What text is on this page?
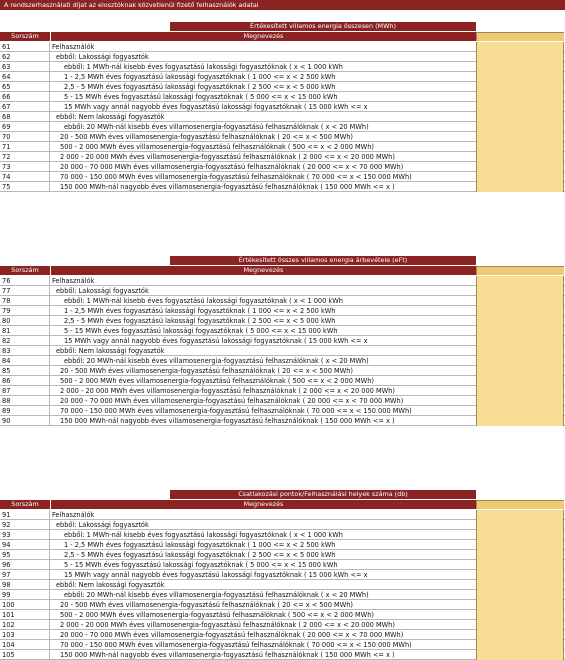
A rendszerhasználati díjat az elosztóknak közvetlenül fizető felhasználók adatai
Értékesített villamos energia összesen (MWh)
Sorszám	Megnevezés
61	Felhasználók
62	ebből: Lakossági fogyasztók
63	ebből: 1 MWh-nál kisebb éves fogyasztású lakossági fogyasztóknak ( x < 1 000 kWh
64	1 - 2,5 MWh éves fogyasztású lakossági fogyasztóknak ( 1 000 <= x < 2 500 kWh
65	2,5 - 5 MWh éves fogyasztású lakossági fogyasztóknak ( 2 500 <= x < 5 000 kWh
66	5 - 15 MWh éves fogyasztású lakossági fogyasztóknak ( 5 000 <= x < 15 000 kWh
67	15 MWh vagy annál nagyobb éves fogyasztású lakossági fogyasztóknak ( 15 000 kWh <= x
68	ebből: Nem lakossági fogyasztók
69	ebből: 20 MWh-nál kisebb éves villamosenergia-fogyasztású felhasználóknak ( x < 20 MWh)
70	20 - 500 MWh éves villamosenergia-fogyasztású felhasználóknak ( 20 <= x < 500 MWh)
71	500 - 2 000 MWh éves villamosenergia-fogyasztású felhasználóknak ( 500 <= x < 2 000 MWh)
72	2 000 - 20 000 MWh éves villamosenergia-fogyasztású felhasználóknak ( 2 000 <= x < 20 000 MWh)
73	20 000 - 70 000 MWh éves villamosenergia-fogyasztású felhasználóknak ( 20 000 <= x < 70 000 MWh)
74	70 000 - 150 000 MWh éves villamosenergia-fogyasztású felhasználóknak ( 70 000 <= x < 150 000 MWh)
75	150 000 MWh-nál nagyobb éves villamosenergia-fogyasztású felhasználóknak ( 150 000 MWh <= x )
Értékesített összes villamos energia árbevétele (eFt)
Sorszám	Megnevezés
76	Felhasználók
77	ebből: Lakossági fogyasztók
78	ebből: 1 MWh-nál kisebb éves fogyasztású lakossági fogyasztóknak ( x < 1 000 kWh
79	1 - 2,5 MWh éves fogyasztású lakossági fogyasztóknak ( 1 000 <= x < 2 500 kWh
80	2,5 - 5 MWh éves fogyasztású lakossági fogyasztóknak ( 2 500 <= x < 5 000 kWh
81	5 - 15 MWh éves fogyasztású lakossági fogyasztóknak ( 5 000 <= x < 15 000 kWh
82	15 MWh vagy annál nagyobb éves fogyasztású lakossági fogyasztóknak ( 15 000 kWh <= x
83	ebből: Nem lakossági fogyasztók
84	ebből: 20 MWh-nál kisebb éves villamosenergia-fogyasztású felhasználóknak ( x < 20 MWh)
85	20 - 500 MWh éves villamosenergia-fogyasztású felhasználóknak ( 20 <= x < 500 MWh)
86	500 - 2 000 MWh éves villamosenergia-fogyasztású felhasználóknak ( 500 <= x < 2 000 MWh)
87	2 000 - 20 000 MWh éves villamosenergia-fogyasztású felhasználóknak ( 2 000 <= x < 20 000 MWh)
88	20 000 - 70 000 MWh éves villamosenergia-fogyasztású felhasználóknak ( 20 000 <= x < 70 000 MWh)
89	70 000 - 150 000 MWh éves villamosenergia-fogyasztású felhasználóknak ( 70 000 <= x < 150 000 MWh)
90	150 000 MWh-nál nagyobb éves villamosenergia-fogyasztású felhasználóknak ( 150 000 MWh <= x )
Csatlakozási pontok/Felhasználási helyek száma (db)
Sorszám	Megnevezés
91	Felhasználók
92	ebből: Lakossági fogyasztók
93	ebből: 1 MWh-nál kisebb éves fogyasztású lakossági fogyasztóknak ( x < 1 000 kWh
94	1 - 2,5 MWh éves fogyasztású lakossági fogyasztóknak ( 1 000 <= x < 2 500 kWh
95	2,5 - 5 MWh éves fogyasztású lakossági fogyasztóknak ( 2 500 <= x < 5 000 kWh
96	5 - 15 MWh éves fogyasztású lakossági fogyasztóknak ( 5 000 <= x < 15 000 kWh
97	15 MWh vagy annál nagyobb éves fogyasztású lakossági fogyasztóknak ( 15 000 kWh <= x
98	ebből: Nem lakossági fogyasztók
99	ebből: 20 MWh-nál kisebb éves villamosenergia-fogyasztású felhasználóknak ( x < 20 MWh)
100	20 - 500 MWh éves villamosenergia-fogyasztású felhasználóknak ( 20 <= x < 500 MWh)
101	500 - 2 000 MWh éves villamosenergia-fogyasztású felhasználóknak ( 500 <= x < 2 000 MWh)
102	2 000 - 20 000 MWh éves villamosenergia-fogyasztású felhasználóknak ( 2 000 <= x < 20 000 MWh)
103	20 000 - 70 000 MWh éves villamosenergia-fogyasztású felhasználóknak ( 20 000 <= x < 70 000 MWh)
104	70 000 - 150 000 MWh éves villamosenergia-fogyasztású felhasználóknak ( 70 000 <= x < 150 000 MWh)
105	150 000 MWh-nál nagyobb éves villamosenergia-fogyasztású felhasználóknak ( 150 000 MWh <= x )
